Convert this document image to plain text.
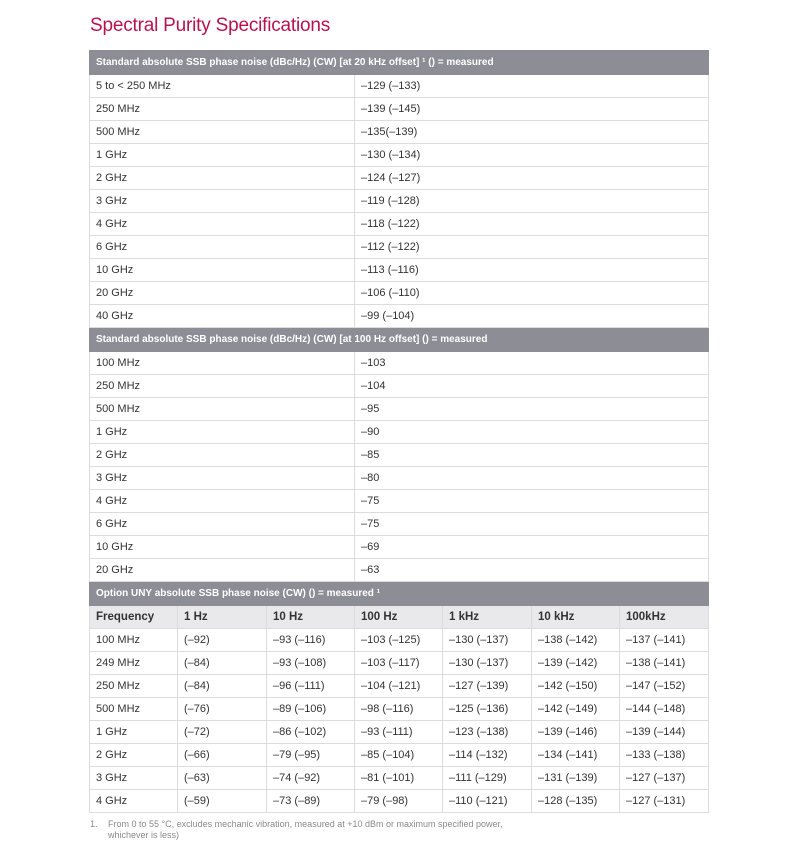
Spectral Purity Specifications
Standard absolute SSB phase noise (dBc/Hz) (CW) [at 20 kHz offset] ¹ () = measured						
5 to < 250 MHz			–129 (–133)			
250 MHz			–139 (–145)			
500 MHz			–135(–139)			
1 GHz			–130 (–134)			
2 GHz			–124 (–127)			
3 GHz			–119 (–128)			
4 GHz			–118 (–122)			
6 GHz			–112 (–122)			
10 GHz			–113 (–116)			
20 GHz			–106 (–110)			
40 GHz			–99 (–104)			
Standard absolute SSB phase noise (dBc/Hz) (CW) [at 100 Hz offset] () = measured						
100 MHz			–103			
250 MHz			–104			
500 MHz			–95			
1 GHz			–90			
2 GHz			–85			
3 GHz			–80			
4 GHz			–75			
6 GHz			–75			
10 GHz			–69			
20 GHz			–63			
Option UNY absolute SSB phase noise (CW) () = measured ¹						
Frequency	1 Hz	10 Hz	100 Hz	1 kHz	10 kHz	100kHz
100 MHz	(–92)	–93 (–116)	–103 (–125)	–130 (–137)	–138 (–142)	–137 (–141)
249 MHz	(–84)	–93 (–108)	–103 (–117)	–130 (–137)	–139 (–142)	–138 (–141)
250 MHz	(–84)	–96 (–111)	–104 (–121)	–127 (–139)	–142 (–150)	–147 (–152)
500 MHz	(–76)	–89 (–106)	–98 (–116)	–125 (–136)	–142 (–149)	–144 (–148)
1 GHz	(–72)	–86 (–102)	–93 (–111)	–123 (–138)	–139 (–146)	–139 (–144)
2 GHz	(–66)	–79 (–95)	–85 (–104)	–114 (–132)	–134 (–141)	–133 (–138)
3 GHz	(–63)	–74 (–92)	–81 (–101)	–111 (–129)	–131 (–139)	–127 (–137)
4 GHz	(–59)	–73 (–89)	–79 (–98)	–110 (–121)	–128 (–135)	–127 (–131)

1. From 0 to 55 °C, excludes mechanic vibration, measured at +10 dBm or maximum specified power,
whichever is less)
